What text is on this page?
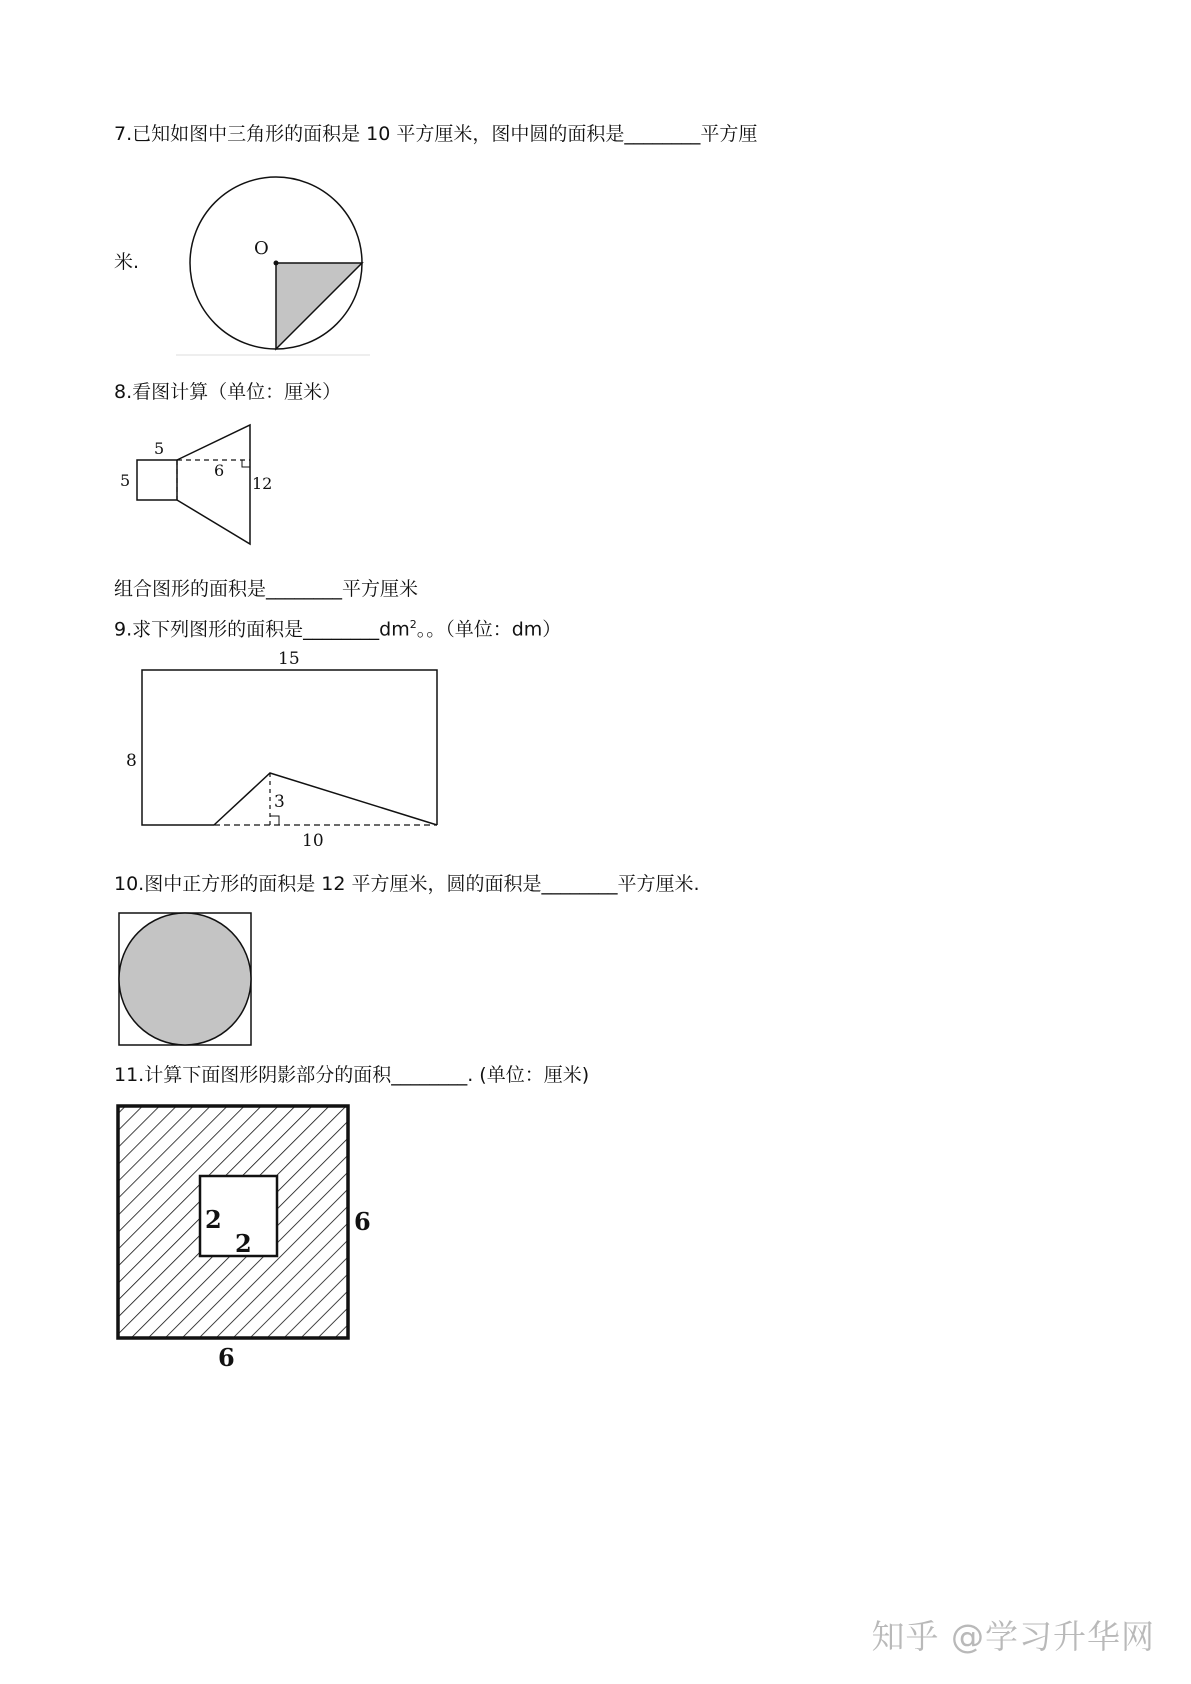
7.已知如图中三角形的面积是 10 平方厘米，图中圆的面积是________平方厘
米.
O
8.看图计算（单位：厘米）
5
5
6
12
组合图形的面积是________平方厘米
9.求下列图形的面积是$\_\_\_\_\_\_\_\_dm^2$。。（单位：dm）
15
8
3
10
10.图中正方形的面积是 12 平方厘米，圆的面积是________平方厘米.
11.计算下面图形阴影部分的面积________. (单位：厘米)
2
2
6
6
知乎 @学习升华网
